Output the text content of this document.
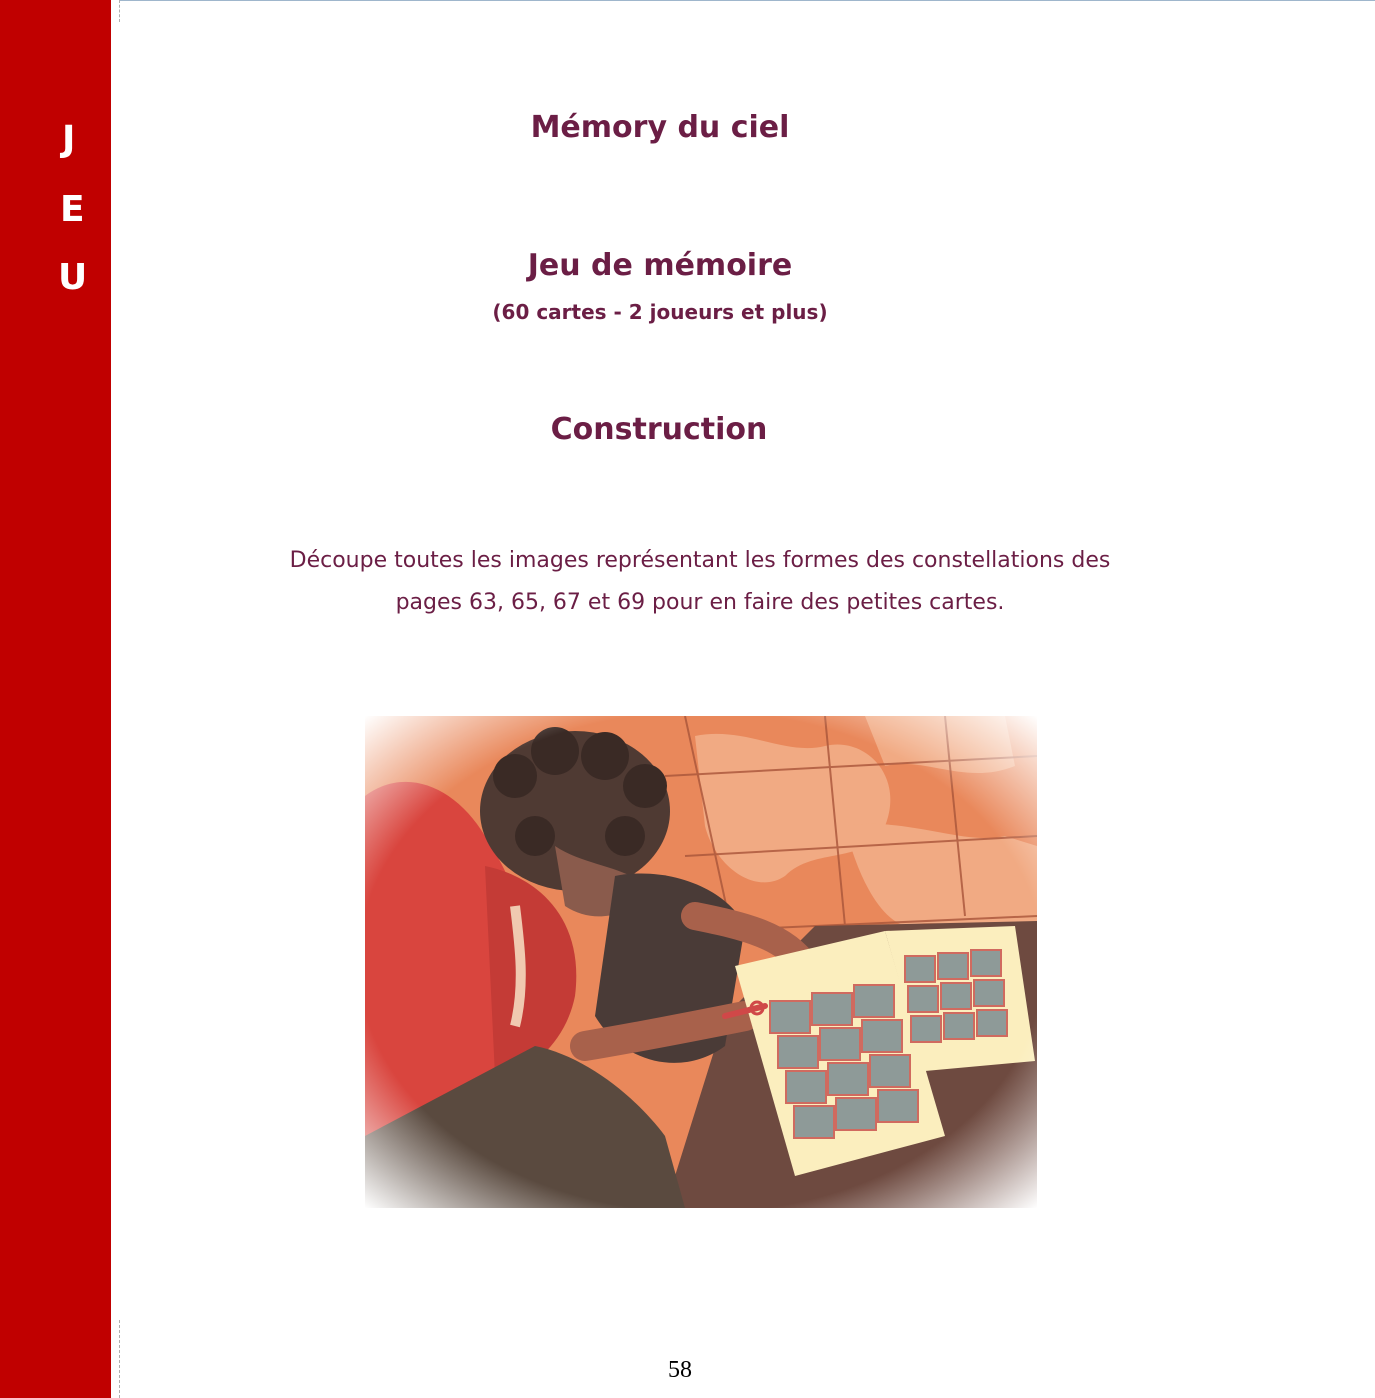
J
E
U
Mémory du ciel
Jeu de mémoire
(60 cartes - 2 joueurs et plus)
Construction

Découpe toutes les images représentant les formes des constellations des
pages 63, 65, 67 et 69 pour en faire des petites cartes.

58
